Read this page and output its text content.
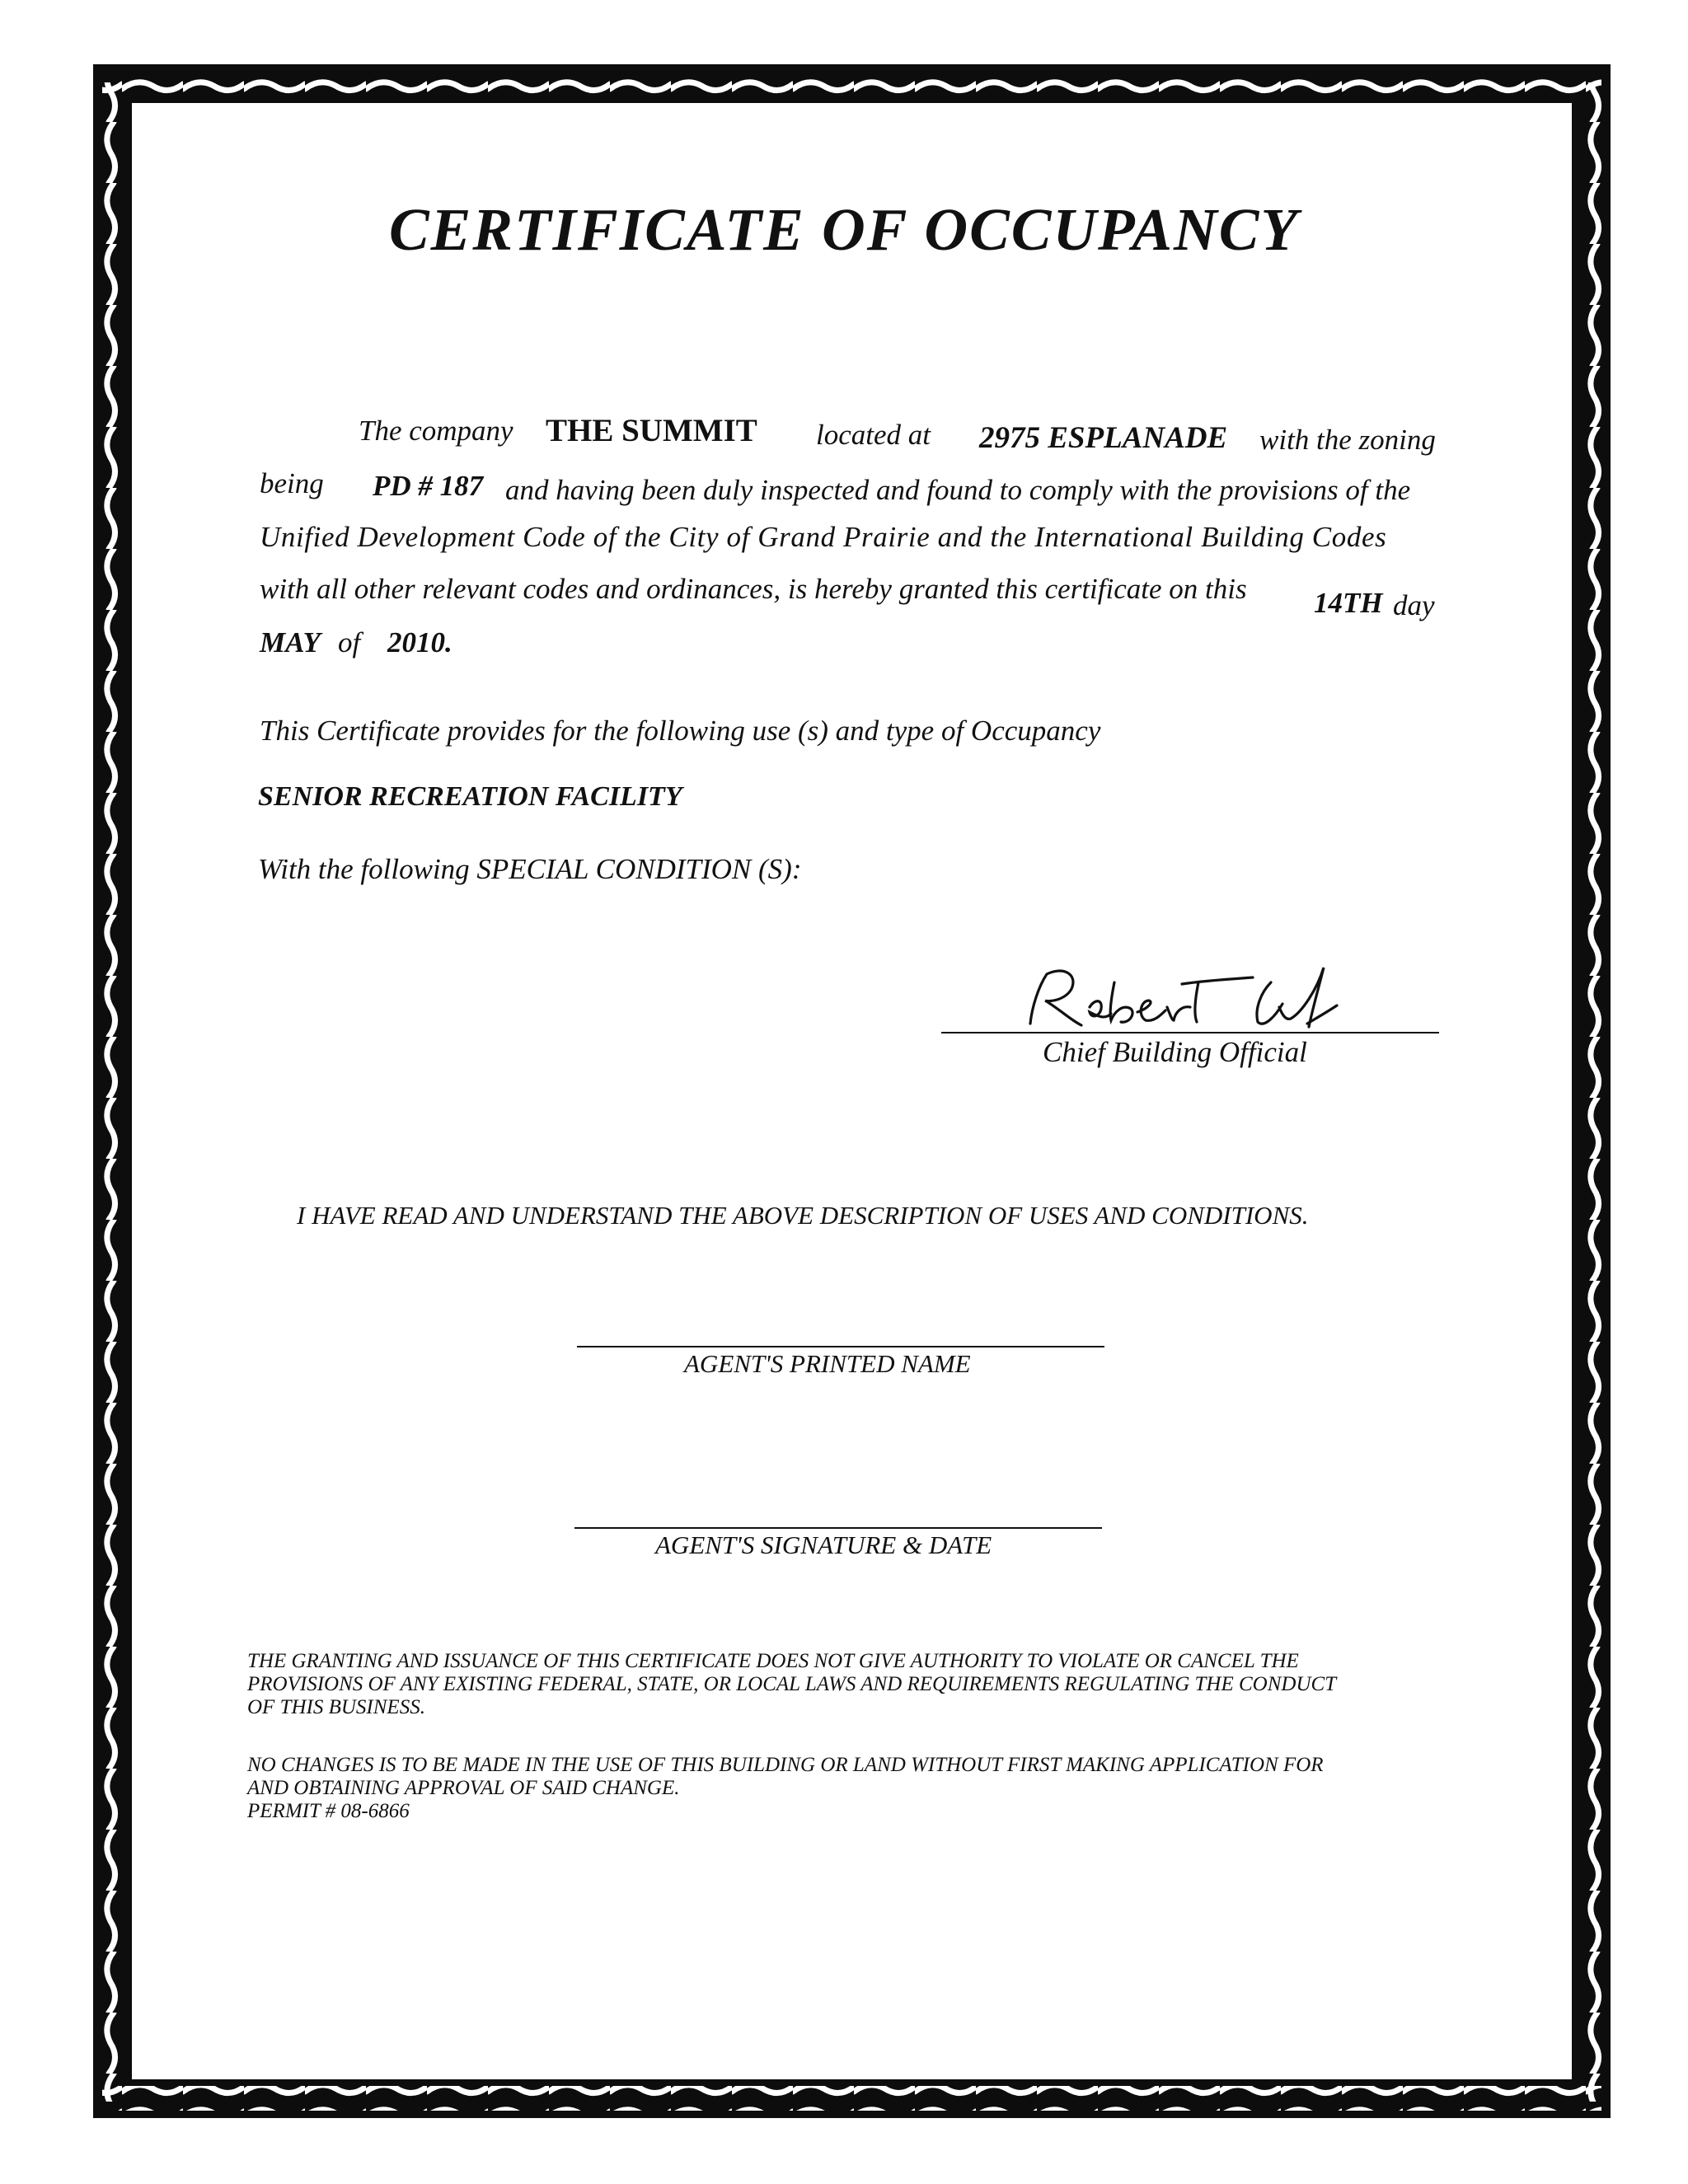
CERTIFICATE OF OCCUPANCY
The company THE SUMMIT located at 2975 ESPLANADE with the zoning
being PD # 187 and having been duly inspected and found to comply with the provisions of the
Unified Development Code of the City of Grand Prairie and the International Building Codes
with all other relevant codes and ordinances, is hereby granted this certificate on this 14TH day
MAY of 2010 .
This Certificate provides for the following use (s) and type of Occupancy
SENIOR RECREATION FACILITY
With the following SPECIAL CONDITION (S):
Chief Building Official
I HAVE READ AND UNDERSTAND THE ABOVE DESCRIPTION OF USES AND CONDITIONS.
AGENT'S PRINTED NAME
AGENT'S SIGNATURE & DATE
THE GRANTING AND ISSUANCE OF THIS CERTIFICATE DOES NOT GIVE AUTHORITY TO VIOLATE OR CANCEL THE
PROVISIONS OF ANY EXISTING FEDERAL, STATE, OR LOCAL LAWS AND REQUIREMENTS REGULATING THE CONDUCT
OF THIS BUSINESS.
NO CHANGES IS TO BE MADE IN THE USE OF THIS BUILDING OR LAND WITHOUT FIRST MAKING APPLICATION FOR
AND OBTAINING APPROVAL OF SAID CHANGE.
PERMIT # 08-6866
